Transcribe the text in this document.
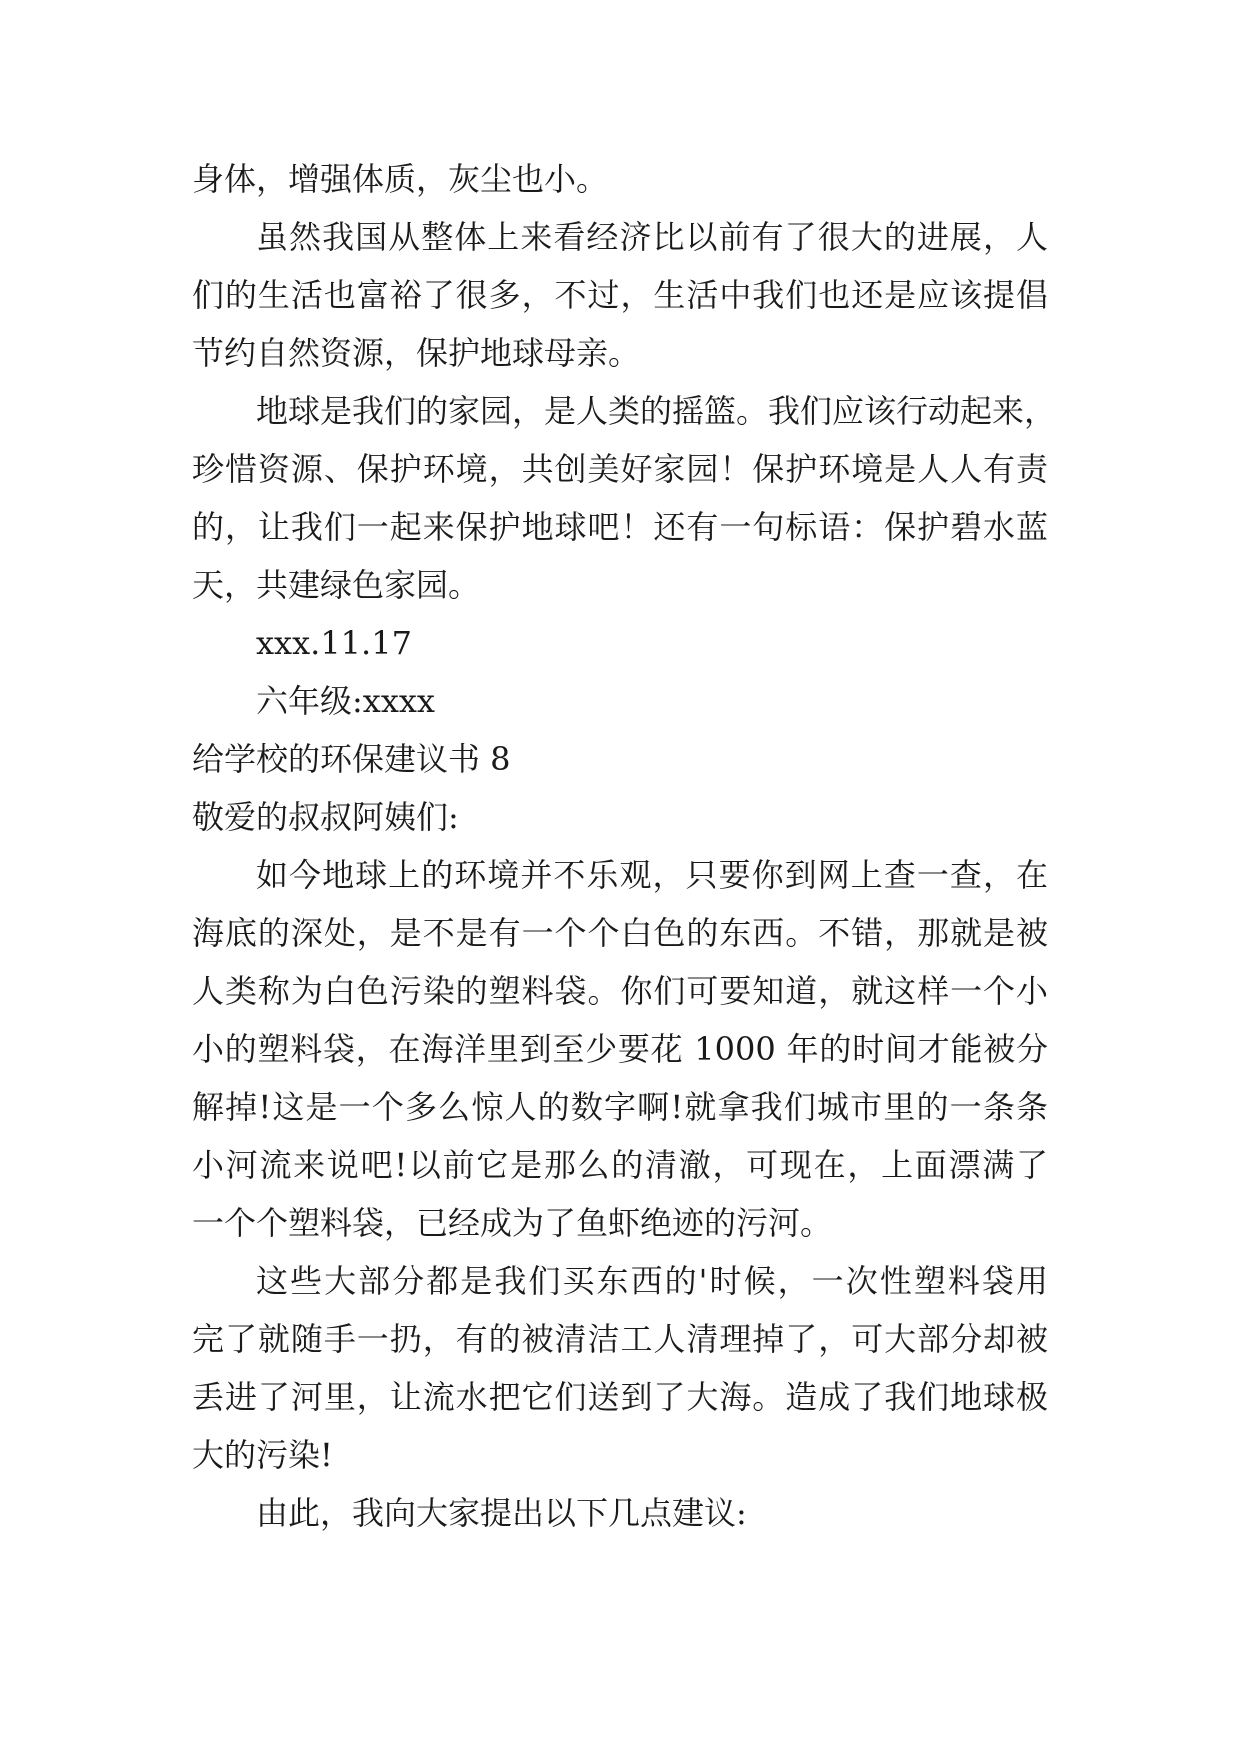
身体，增强体质，灰尘也小。
虽然我国从整体上来看经济比以前有了很大的进展，人
们的生活也富裕了很多，不过，生活中我们也还是应该提倡
节约自然资源，保护地球母亲。
地球是我们的家园，是人类的摇篮。我们应该行动起来，
珍惜资源、保护环境，共创美好家园！保护环境是人人有责
的，让我们一起来保护地球吧！还有一句标语：保护碧水蓝
天，共建绿色家园。
xxx.11.17
六年级:xxxx
给学校的环保建议书 8
敬爱的叔叔阿姨们:
如今地球上的环境并不乐观，只要你到网上查一查，在
海底的深处，是不是有一个个白色的东西。不错，那就是被
人类称为白色污染的塑料袋。你们可要知道，就这样一个小
小的塑料袋，在海洋里到至少要花 1000 年的时间才能被分
解掉!这是一个多么惊人的数字啊!就拿我们城市里的一条条
小河流来说吧!以前它是那么的清澈，可现在，上面漂满了
一个个塑料袋，已经成为了鱼虾绝迹的污河。
这些大部分都是我们买东西的'时候，一次性塑料袋用
完了就随手一扔，有的被清洁工人清理掉了，可大部分却被
丢进了河里，让流水把它们送到了大海。造成了我们地球极
大的污染!
由此，我向大家提出以下几点建议:
